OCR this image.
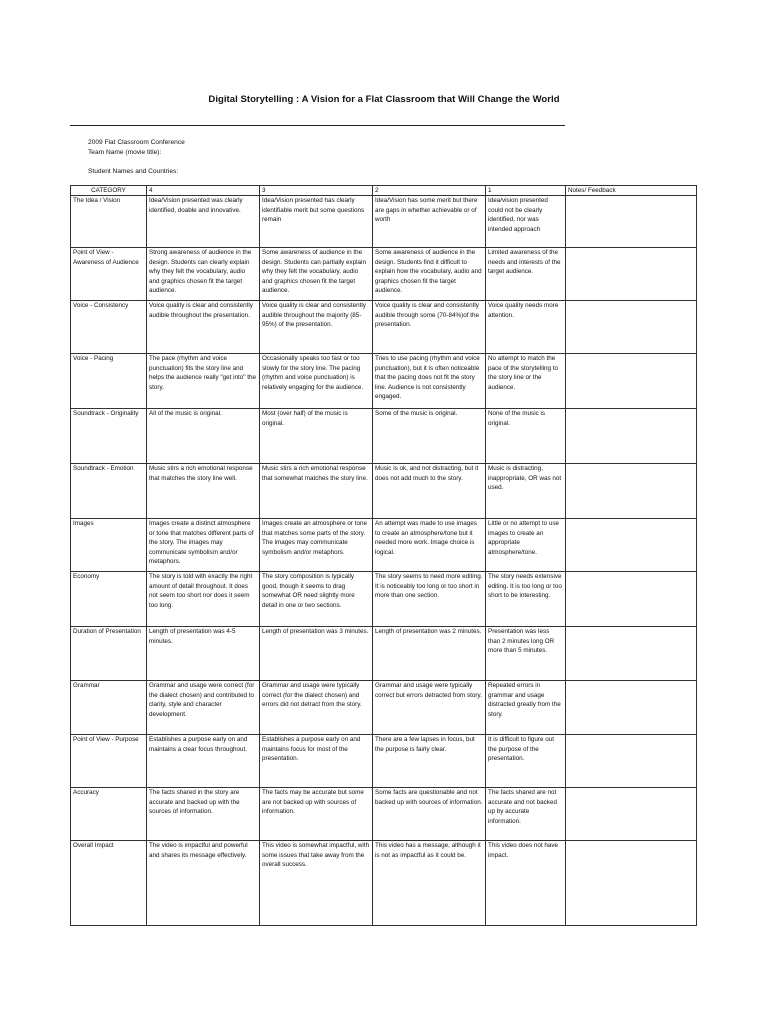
Digital Storytelling : A Vision for a Flat Classroom that Will Change the World
2009 Flat Classroom Conference
Team Name (movie title):
Student Names and Countries:
CATEGORY	4	3	2	1	Notes/ Feedback
The Idea / Vision	Idea/Vision presented was clearly identified, doable and innovative.	Idea/Vision presented has clearly identifiable merit but some questions remain	Idea/Vision has some merit but there are gaps in whether achievable or of worth	Idea/vision presented could not be clearly identified, nor was intended approach	
Point of View - Awareness of Audience	Strong awareness of audience in the design. Students can clearly explain why they felt the vocabulary, audio and graphics chosen fit the target audience.	Some awareness of audience in the design. Students can partially explain why they felt the vocabulary, audio and graphics chosen fit the target audience.	Some awareness of audience in the design. Students find it difficult to explain how the vocabulary, audio and graphics chosen fit the target audience.	Limited awareness of the needs and interests of the target audience.	
Voice - Consistency	Voice quality is clear and consistently audible throughout the presentation.	Voice quality is clear and consistently audible throughout the majority (85-95%) of the presentation.	Voice quality is clear and consistently audible through some (70-84%)of the presentation.	Voice quality needs more attention.	
Voice - Pacing	The pace (rhythm and voice punctuation) fits the story line and helps the audience really "get into" the story.	Occasionally speaks too fast or too slowly for the story line. The pacing (rhythm and voice punctuation) is relatively engaging for the audience.	Tries to use pacing (rhythm and voice punctuation), but it is often noticeable that the pacing does not fit the story line. Audience is not consistently engaged.	No attempt to match the pace of the storytelling to the story line or the audience.	
Soundtrack - Originality	All of the music is original.	Most (over half) of the music is original.	Some of the music is original.	None of the music is original.	
Soundtrack - Emotion	Music stirs a rich emotional response that matches the story line well.	Music stirs a rich emotional response that somewhat matches the story line.	Music is ok, and not distracting, but it does not add much to the story.	Music is distracting, inappropriate, OR was not used.	
Images	Images create a distinct atmosphere or tone that matches different parts of the story. The images may communicate symbolism and/or metaphors.	Images create an atmosphere or tone that matches some parts of the story. The images may communicate symbolism and/or metaphors.	An attempt was made to use images to create an atmosphere/tone but it needed more work. Image choice is logical.	Little or no attempt to use images to create an appropriate atmosphere/tone.	
Economy	The story is told with exactly the right amount of detail throughout. It does not seem too short nor does it seem too long.	The story composition is typically good, though it seems to drag somewhat OR need slightly more detail in one or two sections.	The story seems to need more editing. It is noticeably too long or too short in more than one section.	The story needs extensive editing. It is too long or too short to be interesting.	
Duration of Presentation	Length of presentation was 4-5 minutes.	Length of presentation was 3 minutes.	Length of presentation was 2 minutes.	Presentation was less than 2 minutes long OR more than 5 minutes.	
Grammar	Grammar and usage were correct (for the dialect chosen) and contributed to clarity, style and character development.	Grammar and usage were typically correct (for the dialect chosen) and errors did not detract from the story.	Grammar and usage were typically correct but errors detracted from story.	Repeated errors in grammar and usage distracted greatly from the story.	
Point of View - Purpose	Establishes a purpose early on and maintains a clear focus throughout.	Establishes a purpose early on and maintains focus for most of the presentation.	There are a few lapses in focus, but the purpose is fairly clear.	It is difficult to figure out the purpose of the presentation.	
Accuracy	The facts shared in the story are accurate and backed up with the sources of information.	The facts may be accurate but some are not backed up with sources of information.	Some facts are questionable and not backed up with sources of information.	The facts shared are not accurate and not backed up by accurate information.	
Overall Impact	The video is impactful and powerful and shares its message effectively.	This video is somewhat impactful, with some issues that take away from the overall success.	This video has a message, although it is not as impactful as it could be.	This video does not have impact.	
